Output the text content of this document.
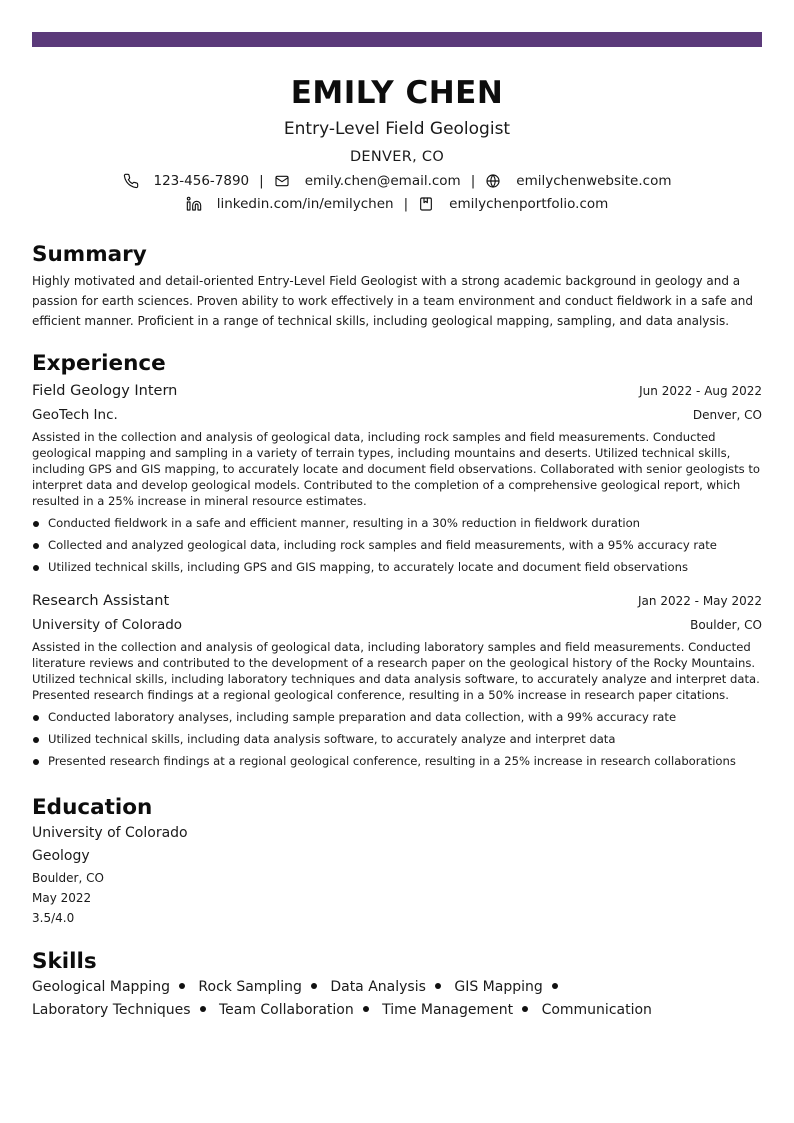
EMILY CHEN
Entry-Level Field Geologist
DENVER, CO
123-456-7890 |	emily.chen@email.com |	emilychenwebsite.com
linkedin.com/in/emilychen |	emilychenportfolio.com
Summary

Highly motivated and detail-oriented Entry-Level Field Geologist with a strong academic background in geology and a passion for earth sciences. Proven ability to work effectively in a team environment and conduct fieldwork in a safe and efficient manner. Proficient in a range of technical skills, including geological mapping, sampling, and data analysis.

Experience
Field Geology Intern	Jun 2022 - Aug 2022
GeoTech Inc.	Denver, CO

Assisted in the collection and analysis of geological data, including rock samples and field measurements. Conducted geological mapping and sampling in a variety of terrain types, including mountains and deserts. Utilized technical skills, including GPS and GIS mapping, to accurately locate and document field observations. Collaborated with senior geologists to interpret data and develop geological models. Contributed to the completion of a comprehensive geological report, which resulted in a 25% increase in mineral resource estimates.

Conducted fieldwork in a safe and efficient manner, resulting in a 30% reduction in fieldwork duration
Collected and analyzed geological data, including rock samples and field measurements, with a 95% accuracy rate
Utilized technical skills, including GPS and GIS mapping, to accurately locate and document field observations
Research Assistant	Jan 2022 - May 2022
University of Colorado	Boulder, CO

Assisted in the collection and analysis of geological data, including laboratory samples and field measurements. Conducted literature reviews and contributed to the development of a research paper on the geological history of the Rocky Mountains. Utilized technical skills, including laboratory techniques and data analysis software, to accurately analyze and interpret data. Presented research findings at a regional geological conference, resulting in a 50% increase in research paper citations.

Conducted laboratory analyses, including sample preparation and data collection, with a 99% accuracy rate
Utilized technical skills, including data analysis software, to accurately analyze and interpret data
Presented research findings at a regional geological conference, resulting in a 25% increase in research collaborations
Education
University of Colorado
Geology
Boulder, CO
May 2022
3.5/4.0
Skills
Geological Mapping Rock Sampling Data Analysis GIS Mapping Laboratory Techniques Team Collaboration Time Management Communication
